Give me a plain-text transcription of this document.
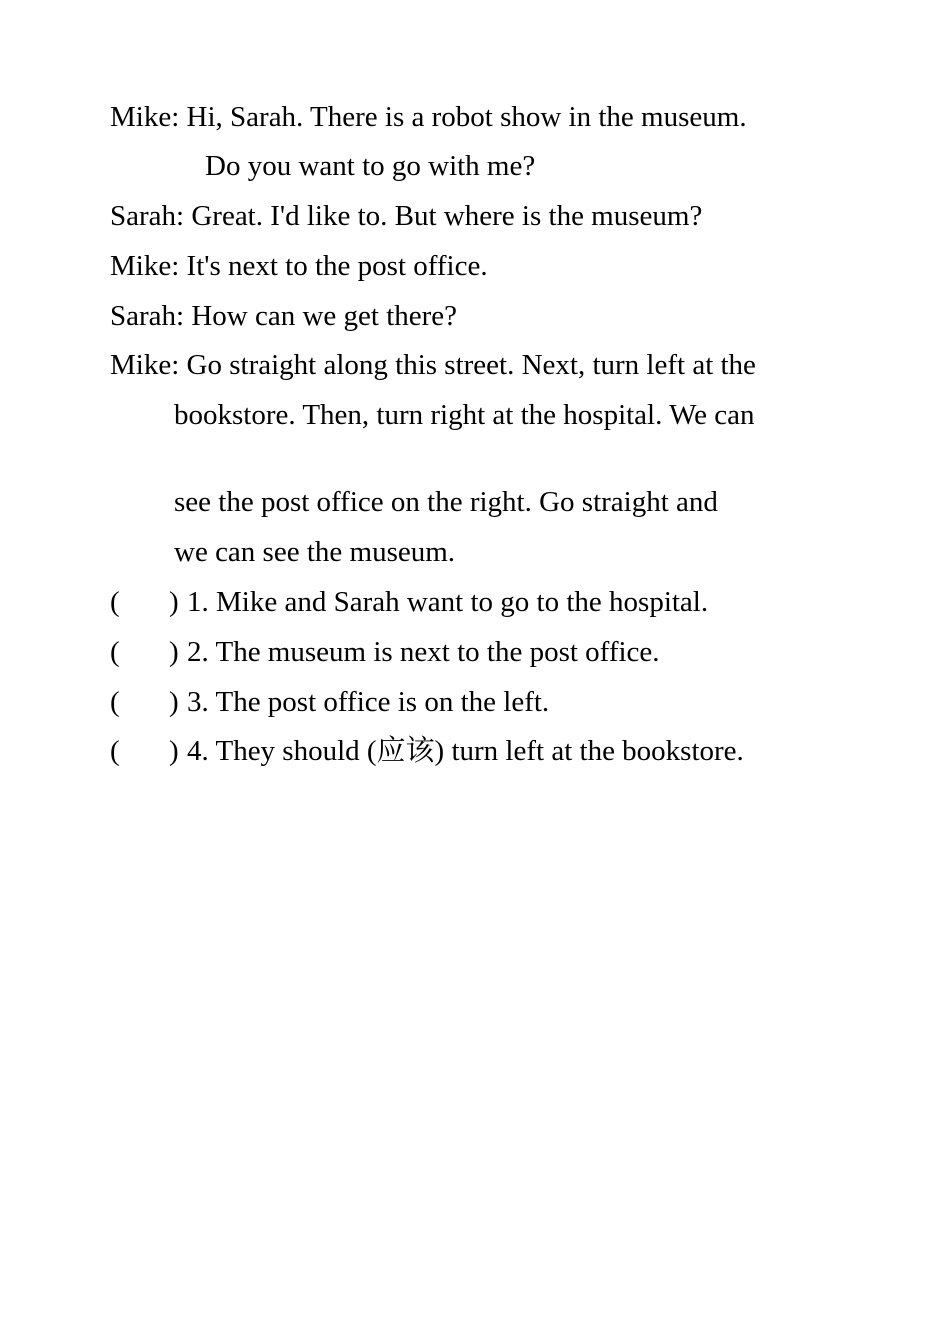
Mike: Hi, Sarah. There is a robot show in the museum.
Do you want to go with me?
Sarah: Great. I'd like to. But where is the museum?
Mike: It's next to the post office.
Sarah: How can we get there?
Mike: Go straight along this street. Next, turn left at the
bookstore. Then, turn right at the hospital. We can
see the post office on the right. Go straight and
we can see the museum.
( ) 1. Mike and Sarah want to go to the hospital.
( ) 2. The museum is next to the post office.
( ) 3. The post office is on the left.
( ) 4. They should (应该) turn left at the bookstore.
